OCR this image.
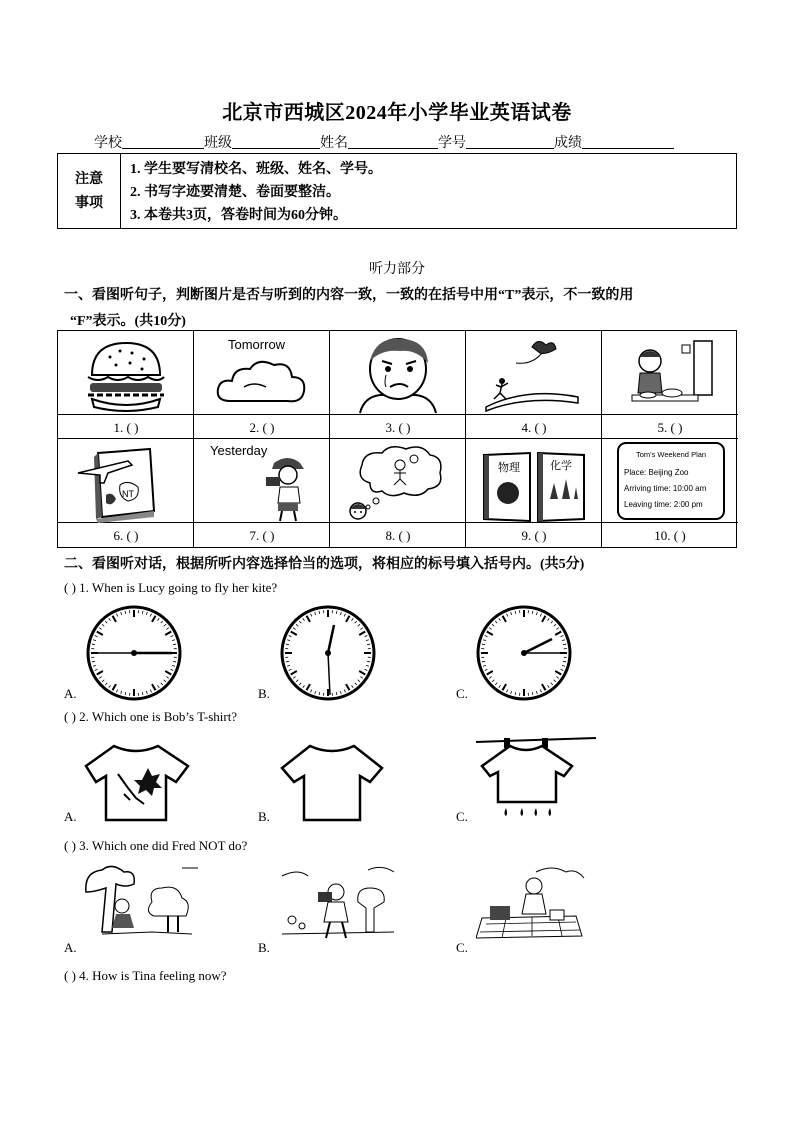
北京市西城区2024年小学毕业英语试卷
学校	班级	姓名	学号	成绩
注意
事项
1. 学生要写清校名、班级、姓名、学号。
2. 书写字迹要清楚、卷面要整洁。
3. 本卷共3页，答卷时间为60分钟。
听力部分
一、看图听句子，判断图片是否与听到的内容一致，一致的在括号中用“T”表示，不一致的用
“F”表示。(共10分)
Tomorrow
1. ( )	2. ( )	3. ( )	4. ( )	5. ( )
NT
Yesterday
物理	化学
Tom's Weekend Plan
Place: Beijing Zoo
Arriving time: 10:00 am
Leaving time: 2:00 pm
6. ( )	7. ( )	8. ( )	9. ( )	10. ( )
二、看图听对话，根据所听内容选择恰当的选项，将相应的标号填入括号内。(共5分)
( ) 1. When is Lucy going to fly her kite?
A.	B.	C.
( ) 2. Which one is Bob’s T-shirt?
A.	B.	C.
( ) 3. Which one did Fred NOT do?
A.	B.	C.
( ) 4. How is Tina feeling now?
